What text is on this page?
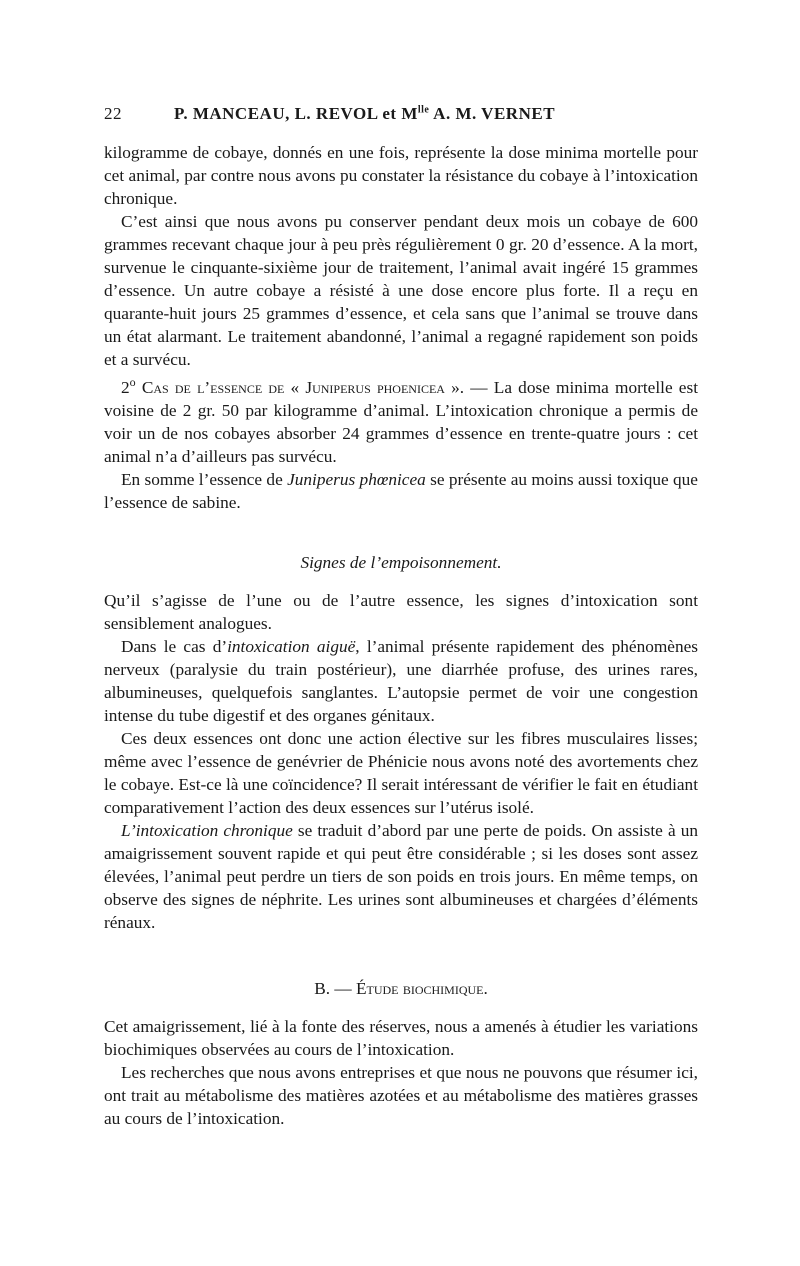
22	P. MANCEAU, L. REVOL et $M^{lle}$ A. M. VERNET

kilogramme de cobaye, donnés en une fois, représente la dose minima mortelle pour cet animal, par contre nous avons pu constater la résistance du cobaye à l’intoxication chronique.

C’est ainsi que nous avons pu conserver pendant deux mois un cobaye de 600 grammes recevant chaque jour à peu près régulièrement 0 gr. 20 d’essence. A la mort, survenue le cinquante-sixième jour de traitement, l’animal avait ingéré 15 grammes d’essence. Un autre cobaye a résisté à une dose encore plus forte. Il a reçu en quarante-huit jours 25 grammes d’essence, et cela sans que l’animal se trouve dans un état alarmant. Le traitement abandonné, l’animal a regagné rapidement son poids et a survécu.

2$^o$ Cas de l’essence de « Juniperus phoenicea ». — La dose minima mortelle est voisine de 2 gr. 50 par kilogramme d’animal. L’intoxication chronique a permis de voir un de nos cobayes absorber 24 grammes d’essence en trente-quatre jours : cet animal n’a d’ailleurs pas survécu.

En somme l’essence de Juniperus phœnicea se présente au moins aussi toxique que l’essence de sabine.

Signes de l’empoisonnement.

Qu’il s’agisse de l’une ou de l’autre essence, les signes d’intoxication sont sensiblement analogues.

Dans le cas d’intoxication aiguë, l’animal présente rapidement des phénomènes nerveux (paralysie du train postérieur), une diarrhée profuse, des urines rares, albumineuses, quelquefois sanglantes. L’autopsie permet de voir une congestion intense du tube digestif et des organes génitaux.

Ces deux essences ont donc une action élective sur les fibres musculaires lisses; même avec l’essence de genévrier de Phénicie nous avons noté des avortements chez le cobaye. Est-ce là une coïncidence? Il serait intéressant de vérifier le fait en étudiant comparativement l’action des deux essences sur l’utérus isolé.

L’intoxication chronique se traduit d’abord par une perte de poids. On assiste à un amaigrissement souvent rapide et qui peut être considérable ; si les doses sont assez élevées, l’animal peut perdre un tiers de son poids en trois jours. En même temps, on observe des signes de néphrite. Les urines sont albumineuses et chargées d’éléments rénaux.

B. — Étude biochimique.

Cet amaigrissement, lié à la fonte des réserves, nous a amenés à étudier les variations biochimiques observées au cours de l’intoxication.

Les recherches que nous avons entreprises et que nous ne pouvons que résumer ici, ont trait au métabolisme des matières azotées et au métabolisme des matières grasses au cours de l’intoxication.
